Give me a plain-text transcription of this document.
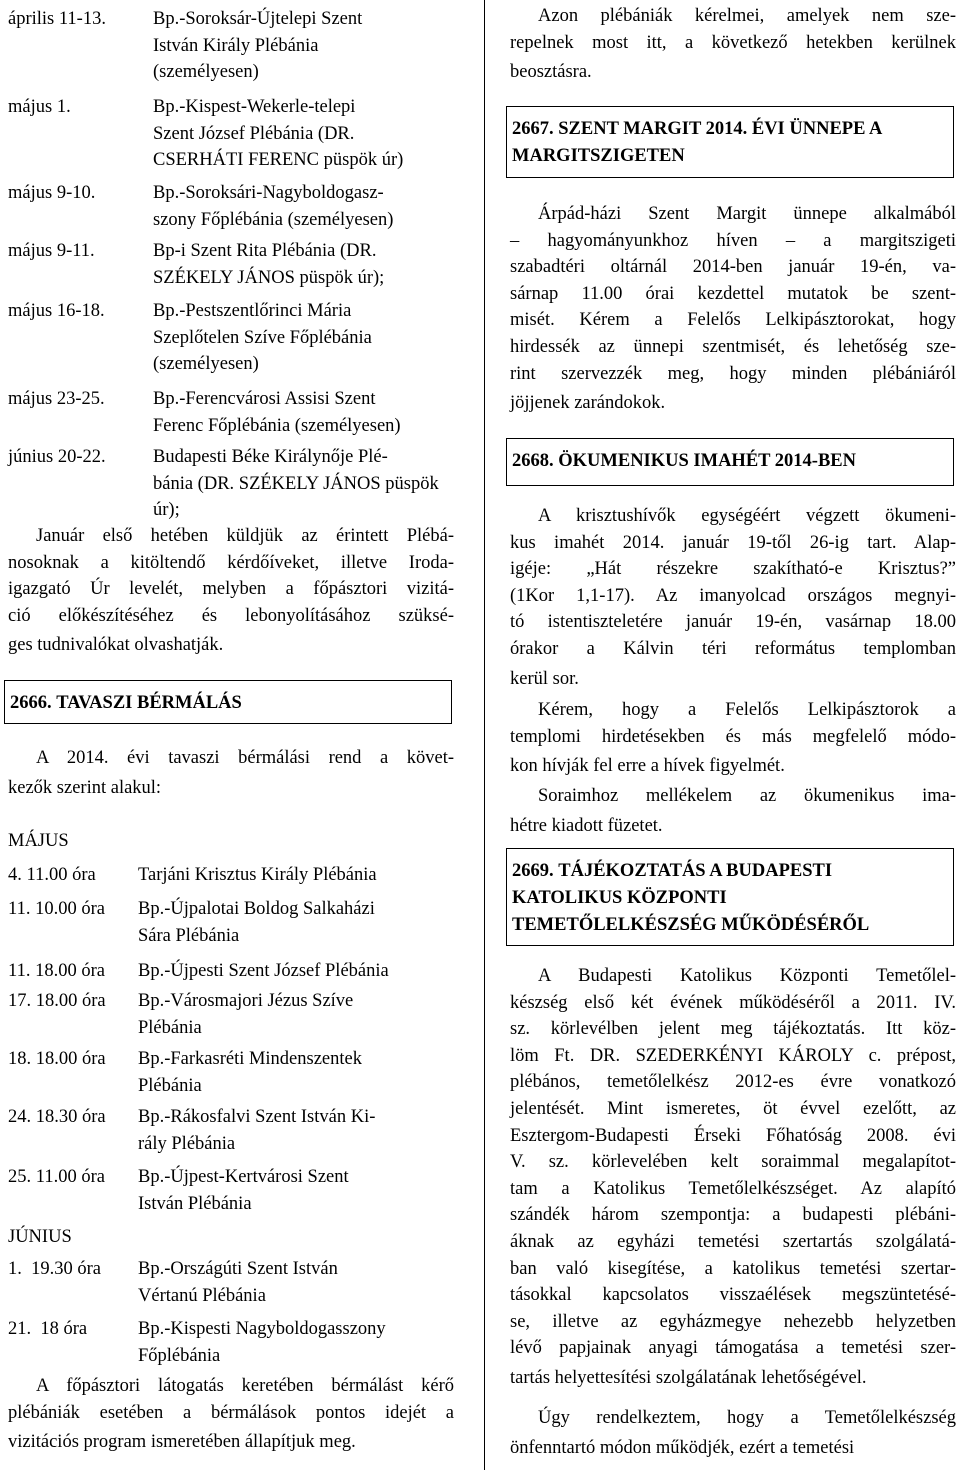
április 11-13.	Bp.-Soroksár-Újtelepi Szent
István Király Plébánia
(személyesen)
május 1.	Bp.-Kispest-Wekerle-telepi
Szent József Plébánia (DR.
CSERHÁTI FERENC püspök úr)
május 9-10.	Bp.-Soroksári-Nagyboldogasz-
szony Főplébánia (személyesen)
május 9-11.	Bp-i Szent Rita Plébánia (DR.
SZÉKELY JÁNOS püspök úr);
május 16-18.	Bp.-Pestszentlőrinci Mária
Szeplőtelen Szíve Főplébánia
(személyesen)
május 23-25.	Bp.-Ferencvárosi Assisi Szent
Ferenc Főplébánia (személyesen)
június 20-22.	Budapesti Béke Királynője Plé-
bánia (DR. SZÉKELY JÁNOS püspök
úr);
Január első hetében küldjük az érintett Plébá-
nosoknak a kitöltendő kérdőíveket, illetve Iroda-
igazgató Úr levelét, melyben a főpásztori vizitá-
ció előkészítéséhez és lebonyolításához szüksé-
ges tudnivalókat olvashatják.
2666. TAVASZI BÉRMÁLÁS
A 2014. évi tavaszi bérmálási rend a követ-
kezők szerint alakul:
MÁJUS
4. 11.00 óra Tarjáni Krisztus Király Plébánia
11. 10.00 óra Bp.-Újpalotai Boldog Salkaházi
Sára Plébánia
11. 18.00 óra Bp.-Újpesti Szent József Plébánia
17. 18.00 óra Bp.-Városmajori Jézus Szíve
Plébánia
18. 18.00 óra Bp.-Farkasréti Mindenszentek
Plébánia
24. 18.30 óra Bp.-Rákosfalvi Szent István Ki-
rály Plébánia
25. 11.00 óra Bp.-Újpest-Kertvárosi Szent
István Plébánia
JÚNIUS
1.  19.30 óra Bp.-Országúti Szent István
Vértanú Plébánia
21.  18 óra	Bp.-Kispesti Nagyboldogasszony
Főplébánia
A főpásztori látogatás keretében bérmálást kérő
plébániák esetében a bérmálások pontos idejét a
vizitációs program ismeretében állapítjuk meg.
Azon plébániák kérelmei, amelyek nem sze-
repelnek most itt, a következő hetekben kerülnek
beosztásra.
2667. SZENT MARGIT 2014. ÉVI ÜNNEPE A
MARGITSZIGETEN
Árpád-házi Szent Margit ünnepe alkalmából
– hagyományunkhoz híven – a margitszigeti
szabadtéri oltárnál 2014-ben január 19-én, va-
sárnap 11.00 órai kezdettel mutatok be szent-
misét. Kérem a Felelős Lelkipásztorokat, hogy
hirdessék az ünnepi szentmisét, és lehetőség sze-
rint szervezzék meg, hogy minden plébániáról
jöjjenek zarándokok.
2668. ÖKUMENIKUS IMAHÉT 2014-BEN
A krisztushívők egységéért végzett ökumeni-
kus imahét 2014. január 19-től 26-ig tart. Alap-
igéje: „Hát részekre szakítható-e Krisztus?”
(1Kor 1,1-17). Az imanyolcad országos megnyi-
tó istentiszteletére január 19-én, vasárnap 18.00
órakor a Kálvin téri református templomban
kerül sor.
Kérem, hogy a Felelős Lelkipásztorok a
templomi hirdetésekben és más megfelelő módo-
kon hívják fel erre a hívek figyelmét.
Soraimhoz mellékelem az ökumenikus ima-
hétre kiadott füzetet.
2669. TÁJÉKOZTATÁS A BUDAPESTI
KATOLIKUS KÖZPONTI
TEMETŐLELKÉSZSÉG MŰKÖDÉSÉRŐL
A Budapesti Katolikus Központi Temetőlel-
készség első két évének működéséről a 2011. IV.
sz. körlevélben jelent meg tájékoztatás. Itt köz-
löm Ft. DR. SZEDERKÉNYI KÁROLY c. prépost,
plébános, temetőlelkész 2012-es évre vonatkozó
jelentését. Mint ismeretes, öt évvel ezelőtt, az
Esztergom-Budapesti Érseki Főhatóság 2008. évi
V. sz. körlevelében kelt soraimmal megalapítot-
tam a Katolikus Temetőlelkészséget. Az alapító
szándék három szempontja: a budapesti plébáni-
áknak az egyházi temetési szertartás szolgálatá-
ban való kisegítése, a katolikus temetési szertar-
tásokkal kapcsolatos visszaélések megszüntetésé-
se, illetve az egyházmegye nehezebb helyzetben
lévő papjainak anyagi támogatása a temetési szer-
tartás helyettesítési szolgálatának lehetőségével.
Úgy rendelkeztem, hogy a Temetőlelkészség
önfenntartó módon működjék, ezért a temetési
